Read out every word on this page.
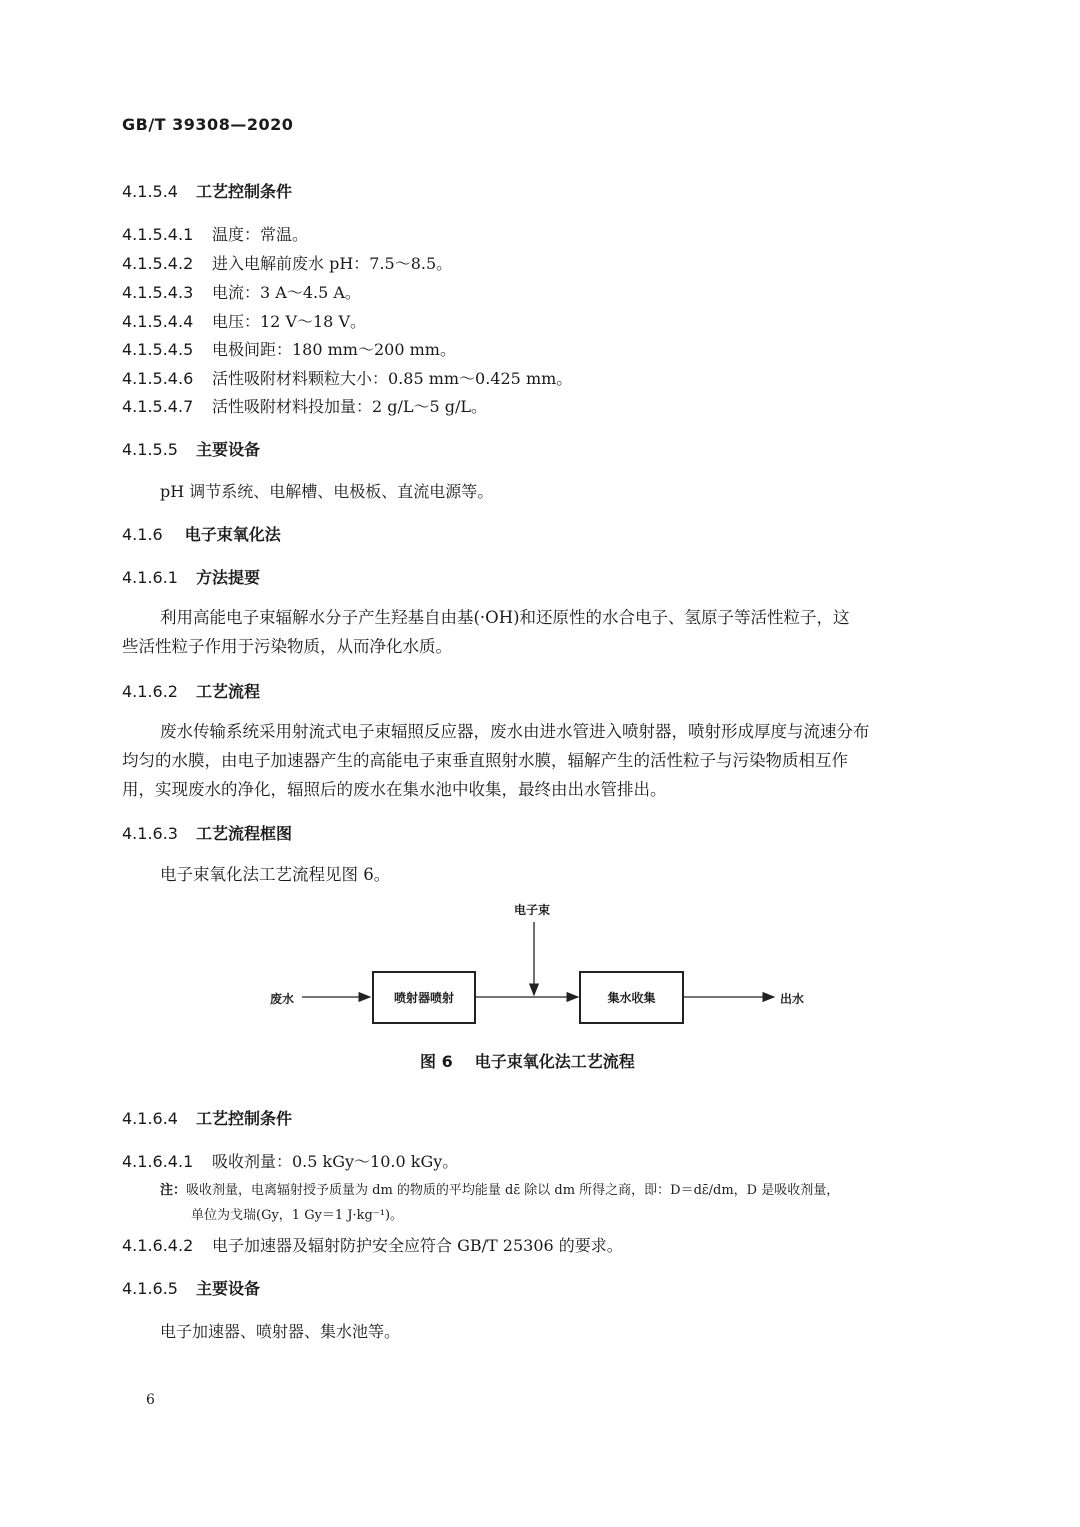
GB/T 39308—2020
4.1.5.4 工艺控制条件
4.1.5.4.1 温度：常温。
4.1.5.4.2 进入电解前废水 pH：7.5～8.5。
4.1.5.4.3 电流：3 A～4.5 A。
4.1.5.4.4 电压：12 V～18 V。
4.1.5.4.5 电极间距：180 mm～200 mm。
4.1.5.4.6 活性吸附材料颗粒大小：0.85 mm～0.425 mm。
4.1.5.4.7 活性吸附材料投加量：2 g/L～5 g/L。
4.1.5.5 主要设备
pH 调节系统、电解槽、电极板、直流电源等。
4.1.6 电子束氧化法
4.1.6.1 方法提要
利用高能电子束辐解水分子产生羟基自由基(·OH)和还原性的水合电子、氢原子等活性粒子，这
些活性粒子作用于污染物质，从而净化水质。
4.1.6.2 工艺流程
废水传输系统采用射流式电子束辐照反应器，废水由进水管进入喷射器，喷射形成厚度与流速分布
均匀的水膜，由电子加速器产生的高能电子束垂直照射水膜，辐解产生的活性粒子与污染物质相互作
用，实现废水的净化，辐照后的废水在集水池中收集，最终由出水管排出。
4.1.6.3 工艺流程框图
电子束氧化法工艺流程见图 6。
废水	喷射器喷射
电子束
集水收集	出水
图 6 电子束氧化法工艺流程
4.1.6.4 工艺控制条件
4.1.6.4.1 吸收剂量：0.5 kGy～10.0 kGy。
注：吸收剂量，电离辐射授予质量为 dm 的物质的平均能量 dε̄ 除以 dm 所得之商，即：D＝dε̄/dm，D 是吸收剂量，
单位为戈瑞(Gy，1 Gy＝1 J·kg⁻¹)。
4.1.6.4.2 电子加速器及辐射防护安全应符合 GB/T 25306 的要求。
4.1.6.5 主要设备
电子加速器、喷射器、集水池等。
6
